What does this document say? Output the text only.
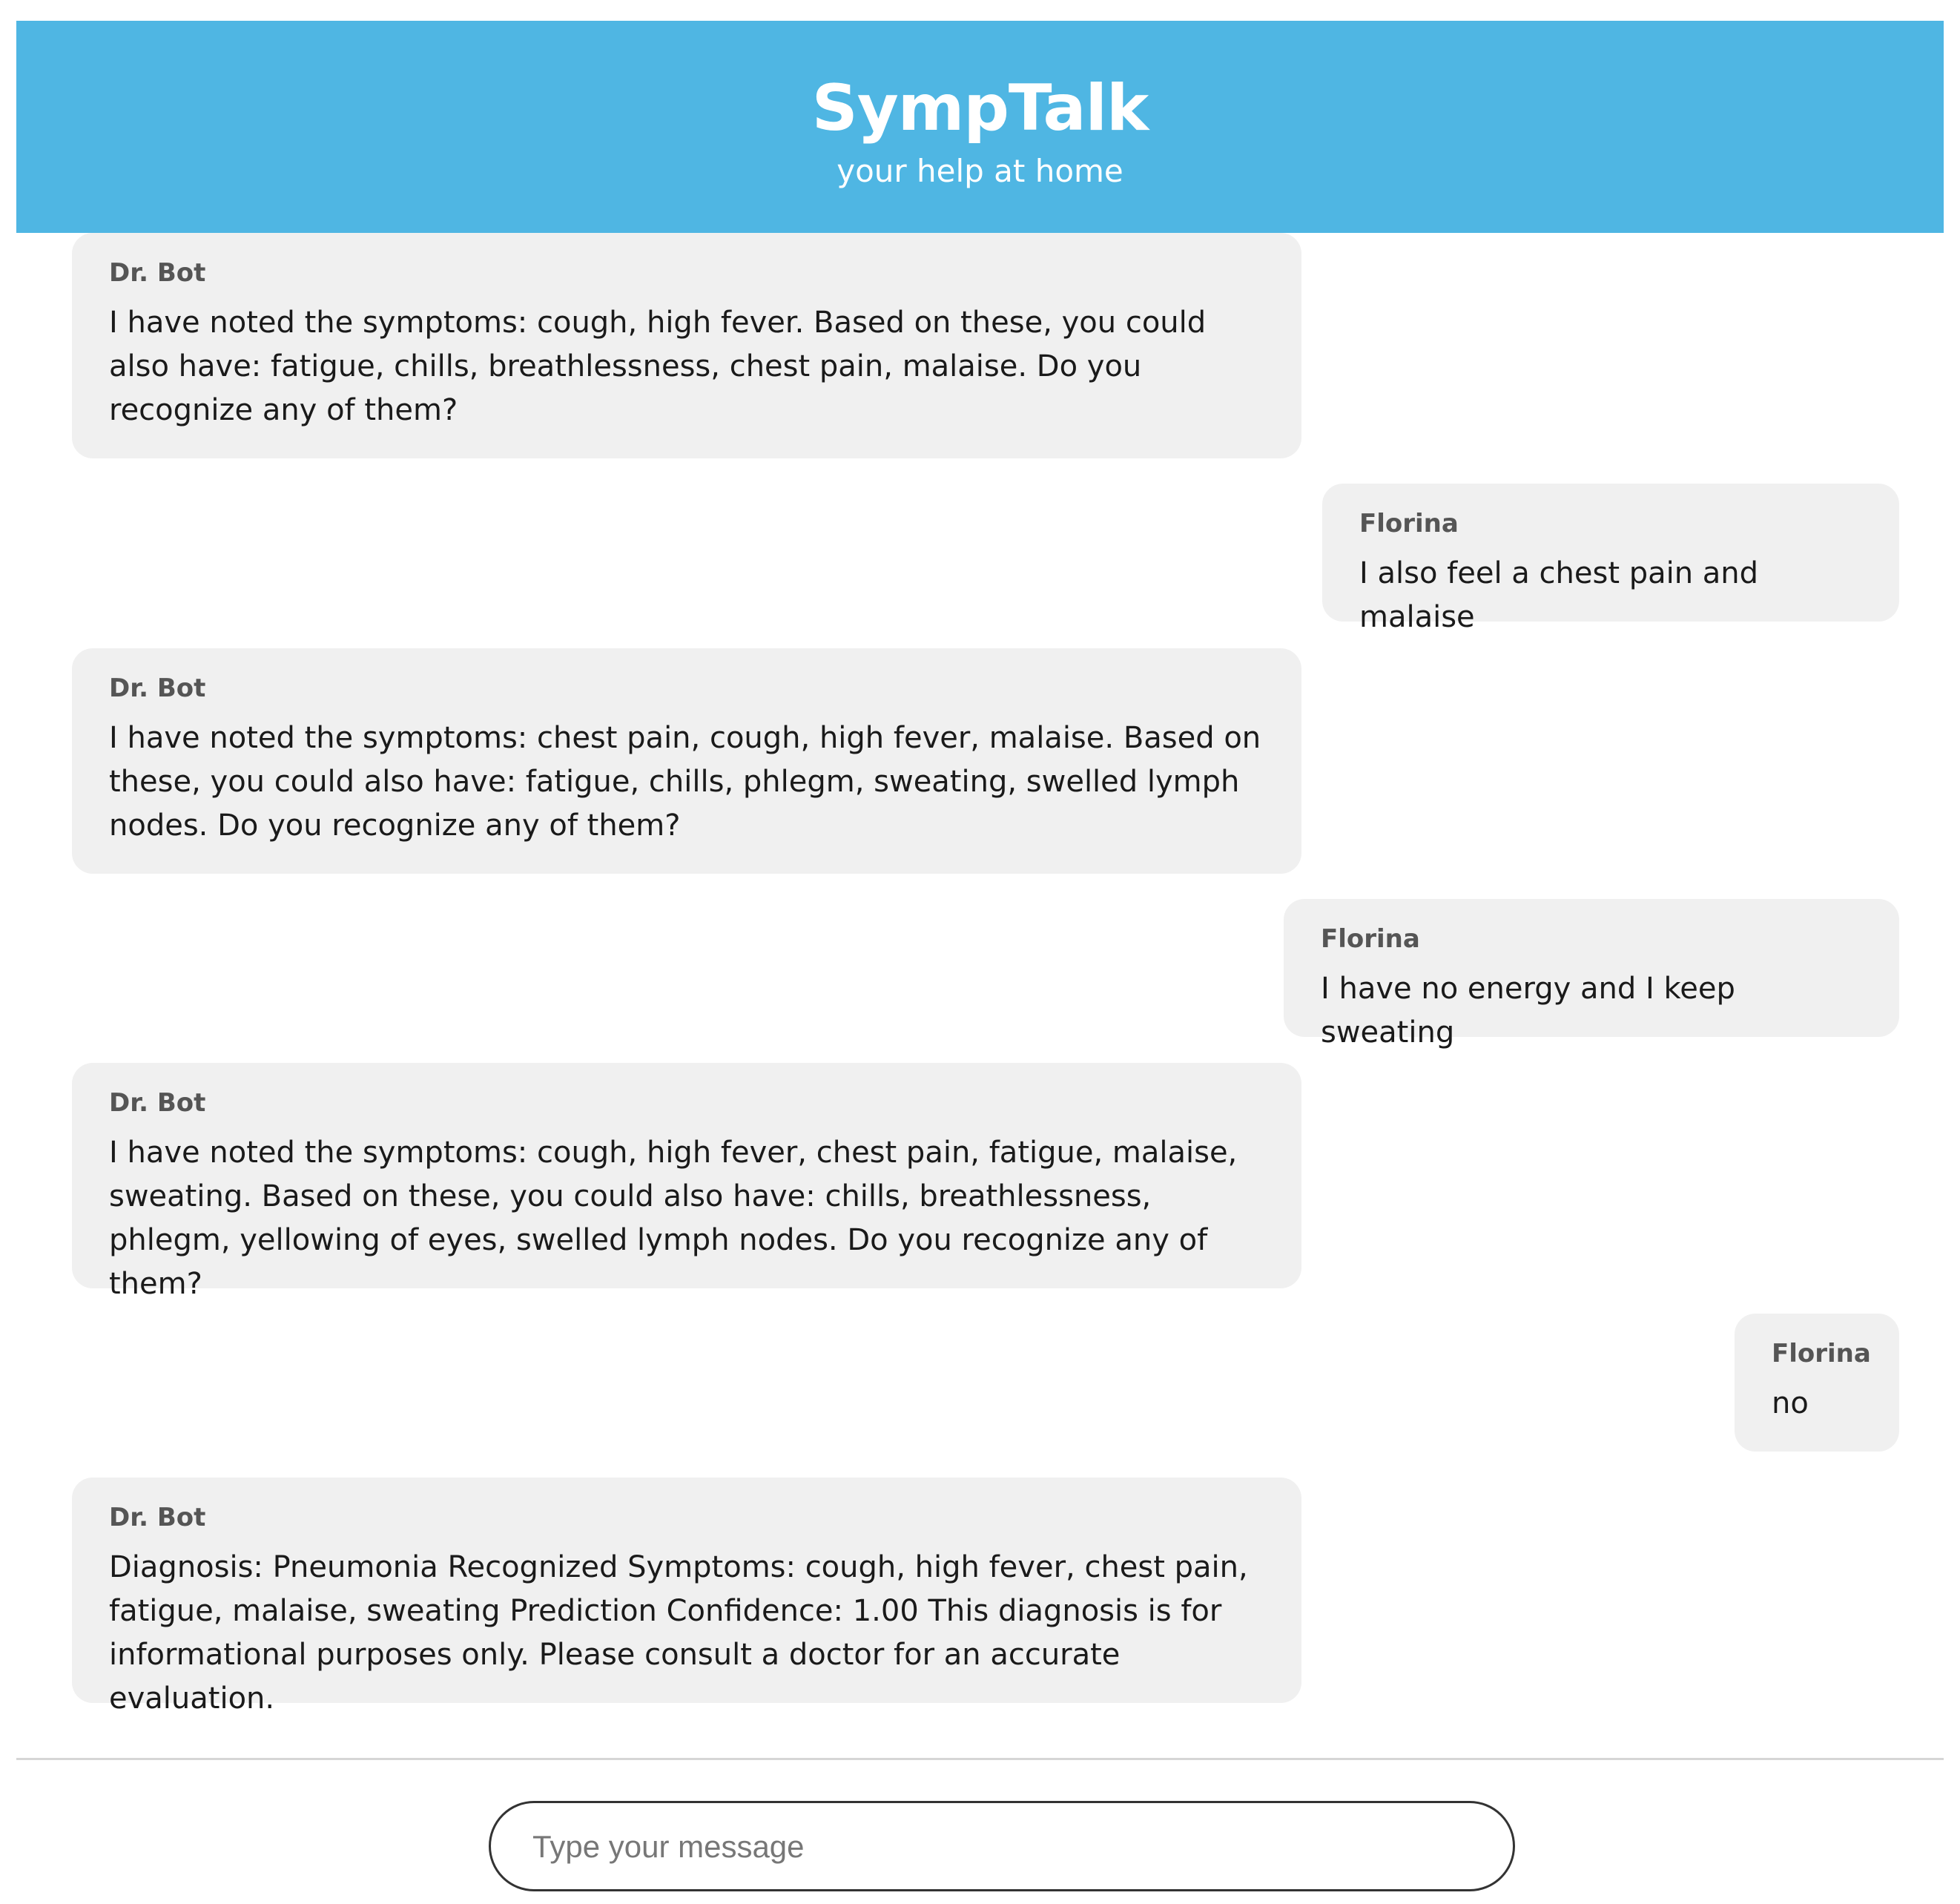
SympTalk
your help at home
Dr. Bot
I have noted the symptoms: cough, high fever. Based on these, you could also have: fatigue, chills, breathlessness, chest pain, malaise. Do you recognize any of them?
Florina
I also feel a chest pain and malaise
Dr. Bot
I have noted the symptoms: chest pain, cough, high fever, malaise. Based on these, you could also have: fatigue, chills, phlegm, sweating, swelled lymph nodes. Do you recognize any of them?
Florina
I have no energy and I keep sweating
Dr. Bot
I have noted the symptoms: cough, high fever, chest pain, fatigue, malaise, sweating. Based on these, you could also have: chills, breathlessness, phlegm, yellowing of eyes, swelled lymph nodes. Do you recognize any of them?
Florina
no
Dr. Bot
Diagnosis: Pneumonia Recognized Symptoms: cough, high fever, chest pain, fatigue, malaise, sweating Prediction Confidence: 1.00 This diagnosis is for informational purposes only. Please consult a doctor for an accurate evaluation.
Type your message
